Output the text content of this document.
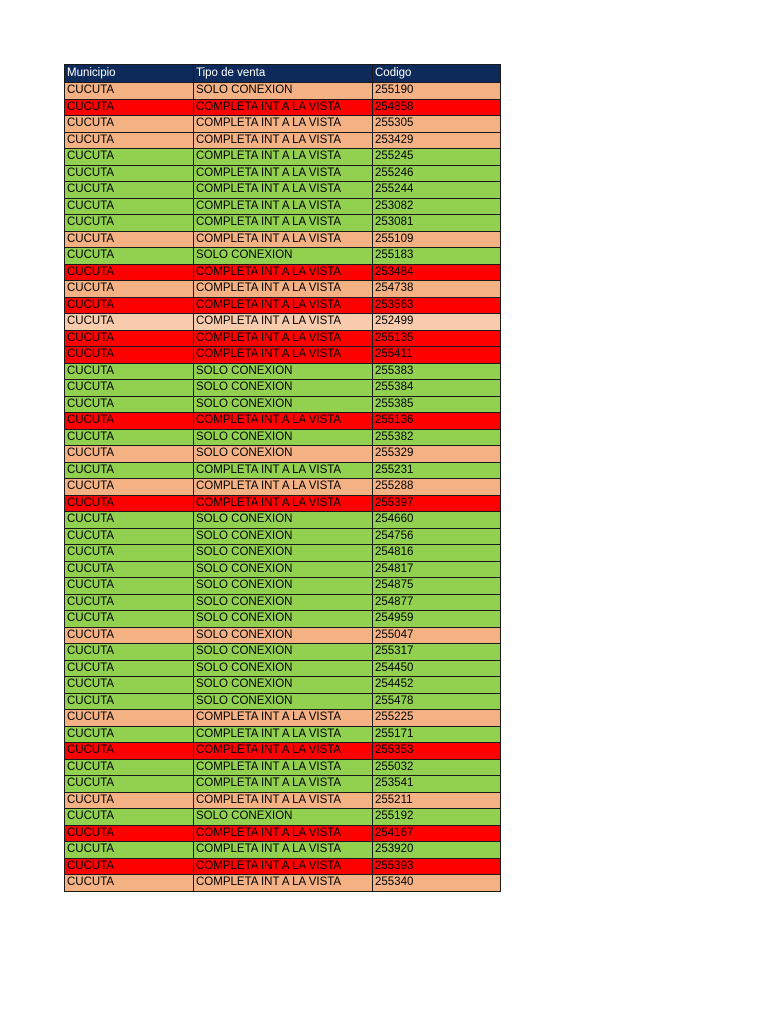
Municipio	Tipo de venta	Codigo
CUCUTA	SOLO CONEXION	255190
CUCUTA	COMPLETA INT A LA VISTA	254858
CUCUTA	COMPLETA INT A LA VISTA	255305
CUCUTA	COMPLETA INT A LA VISTA	253429
CUCUTA	COMPLETA INT A LA VISTA	255245
CUCUTA	COMPLETA INT A LA VISTA	255246
CUCUTA	COMPLETA INT A LA VISTA	255244
CUCUTA	COMPLETA INT A LA VISTA	253082
CUCUTA	COMPLETA INT A LA VISTA	253081
CUCUTA	COMPLETA INT A LA VISTA	255109
CUCUTA	SOLO CONEXION	255183
CUCUTA	COMPLETA INT A LA VISTA	253484
CUCUTA	COMPLETA INT A LA VISTA	254738
CUCUTA	COMPLETA INT A LA VISTA	253563
CUCUTA	COMPLETA INT A LA VISTA	252499
CUCUTA	COMPLETA INT A LA VISTA	255135
CUCUTA	COMPLETA INT A LA VISTA	255411
CUCUTA	SOLO CONEXION	255383
CUCUTA	SOLO CONEXION	255384
CUCUTA	SOLO CONEXION	255385
CUCUTA	COMPLETA INT A LA VISTA	255136
CUCUTA	SOLO CONEXION	255382
CUCUTA	SOLO CONEXION	255329
CUCUTA	COMPLETA INT A LA VISTA	255231
CUCUTA	COMPLETA INT A LA VISTA	255288
CUCUTA	COMPLETA INT A LA VISTA	255397
CUCUTA	SOLO CONEXION	254660
CUCUTA	SOLO CONEXION	254756
CUCUTA	SOLO CONEXION	254816
CUCUTA	SOLO CONEXION	254817
CUCUTA	SOLO CONEXION	254875
CUCUTA	SOLO CONEXION	254877
CUCUTA	SOLO CONEXION	254959
CUCUTA	SOLO CONEXION	255047
CUCUTA	SOLO CONEXION	255317
CUCUTA	SOLO CONEXION	254450
CUCUTA	SOLO CONEXION	254452
CUCUTA	SOLO CONEXION	255478
CUCUTA	COMPLETA INT A LA VISTA	255225
CUCUTA	COMPLETA INT A LA VISTA	255171
CUCUTA	COMPLETA INT A LA VISTA	255353
CUCUTA	COMPLETA INT A LA VISTA	255032
CUCUTA	COMPLETA INT A LA VISTA	253541
CUCUTA	COMPLETA INT A LA VISTA	255211
CUCUTA	SOLO CONEXION	255192
CUCUTA	COMPLETA INT A LA VISTA	254167
CUCUTA	COMPLETA INT A LA VISTA	253920
CUCUTA	COMPLETA INT A LA VISTA	255393
CUCUTA	COMPLETA INT A LA VISTA	255340
